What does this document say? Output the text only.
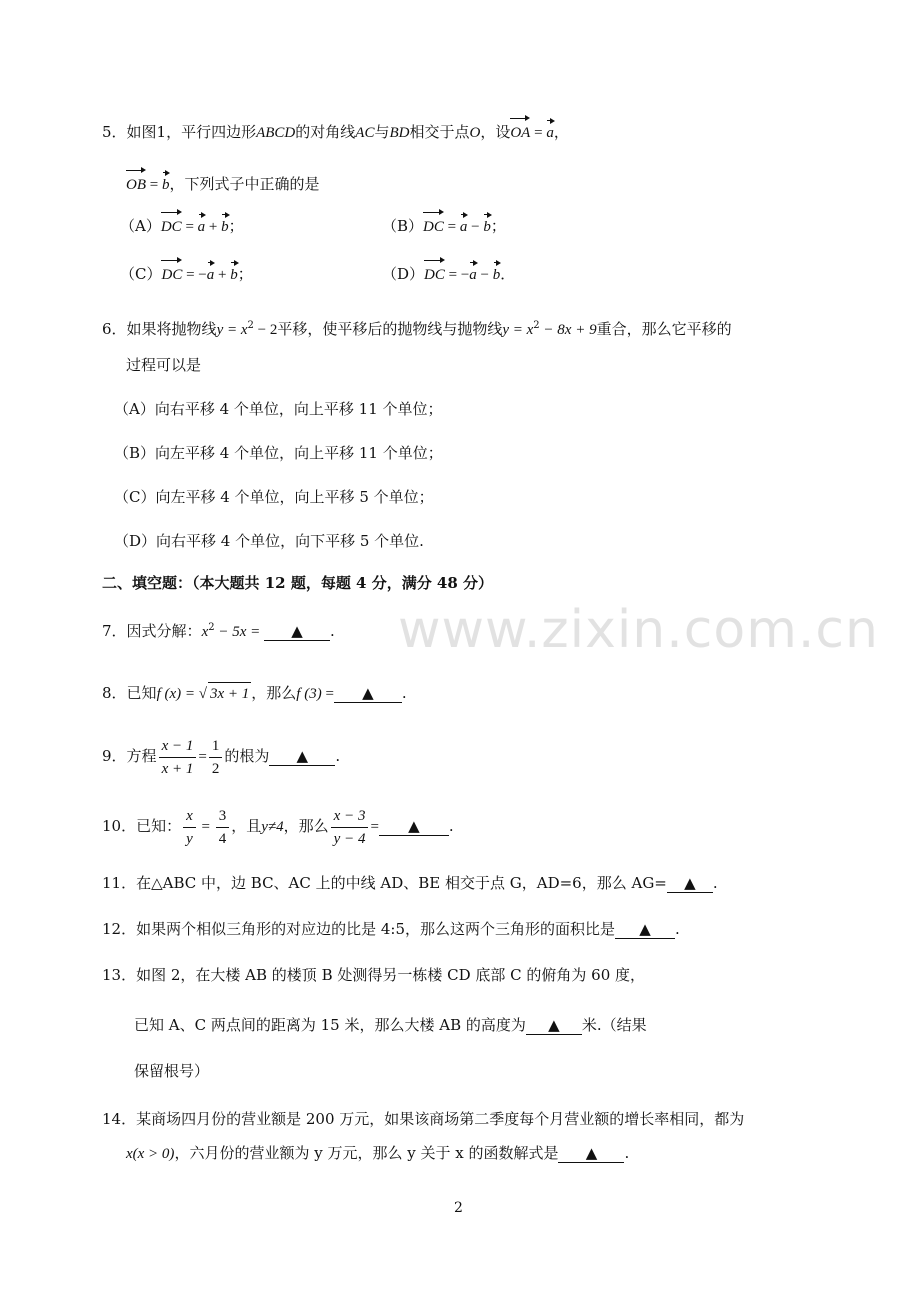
www.zixin.com.cn
5．如图1，平行四边形ABCD的对角线AC与BD相交于点O，设OA = a，
OB = b，下列式子中正确的是
（A）DC = a + b；	（B）DC = a − b；
（C）DC = −a + b；	（D）DC = −a − b．
6．如果将抛物线$y = x^2 - 2$平移，使平移后的抛物线与抛物线$y = x^2 - 8x + 9$重合，那么它平移的
过程可以是
（A）向右平移 4 个单位，向上平移 11 个单位；
（B）向左平移 4 个单位，向上平移 11 个单位；
（C）向左平移 4 个单位，向上平移 5 个单位；
（D）向右平移 4 个单位，向下平移 5 个单位.
二、填空题：（本大题共 12 题，每题 4 分，满分 48 分）
7．因式分解：$x^2 - 5x$ = ▲ .
8．已知f (x) = √ 3x + 1 ，那么f (3) = ▲ .
9．方程 $\frac{x - 1}{x + 1} = \frac{1}{2}$ 的根为 ▲ .
10．已知： $\frac{x}{y} = \frac{3}{4}$ ，且y≠4，那么 $\frac{x - 3}{y - 4}$ = ▲ .
11．在△ABC 中，边 BC、AC 上的中线 AD、BE 相交于点 G，AD=6，那么 AG= ▲ .
12．如果两个相似三角形的对应边的比是 4:5，那么这两个三角形的面积比是 ▲ .
13．如图 2，在大楼 AB 的楼顶 B 处测得另一栋楼 CD 底部 C 的俯角为 60 度，
已知 A、C 两点间的距离为 15 米，那么大楼 AB 的高度为 ▲ 米.（结果
保留根号）
14．某商场四月份的营业额是 200 万元，如果该商场第二季度每个月营业额的增长率相同，都为
x(x > 0)，六月份的营业额为 y 万元，那么 y 关于 x 的函数解式是 ▲ .
2
